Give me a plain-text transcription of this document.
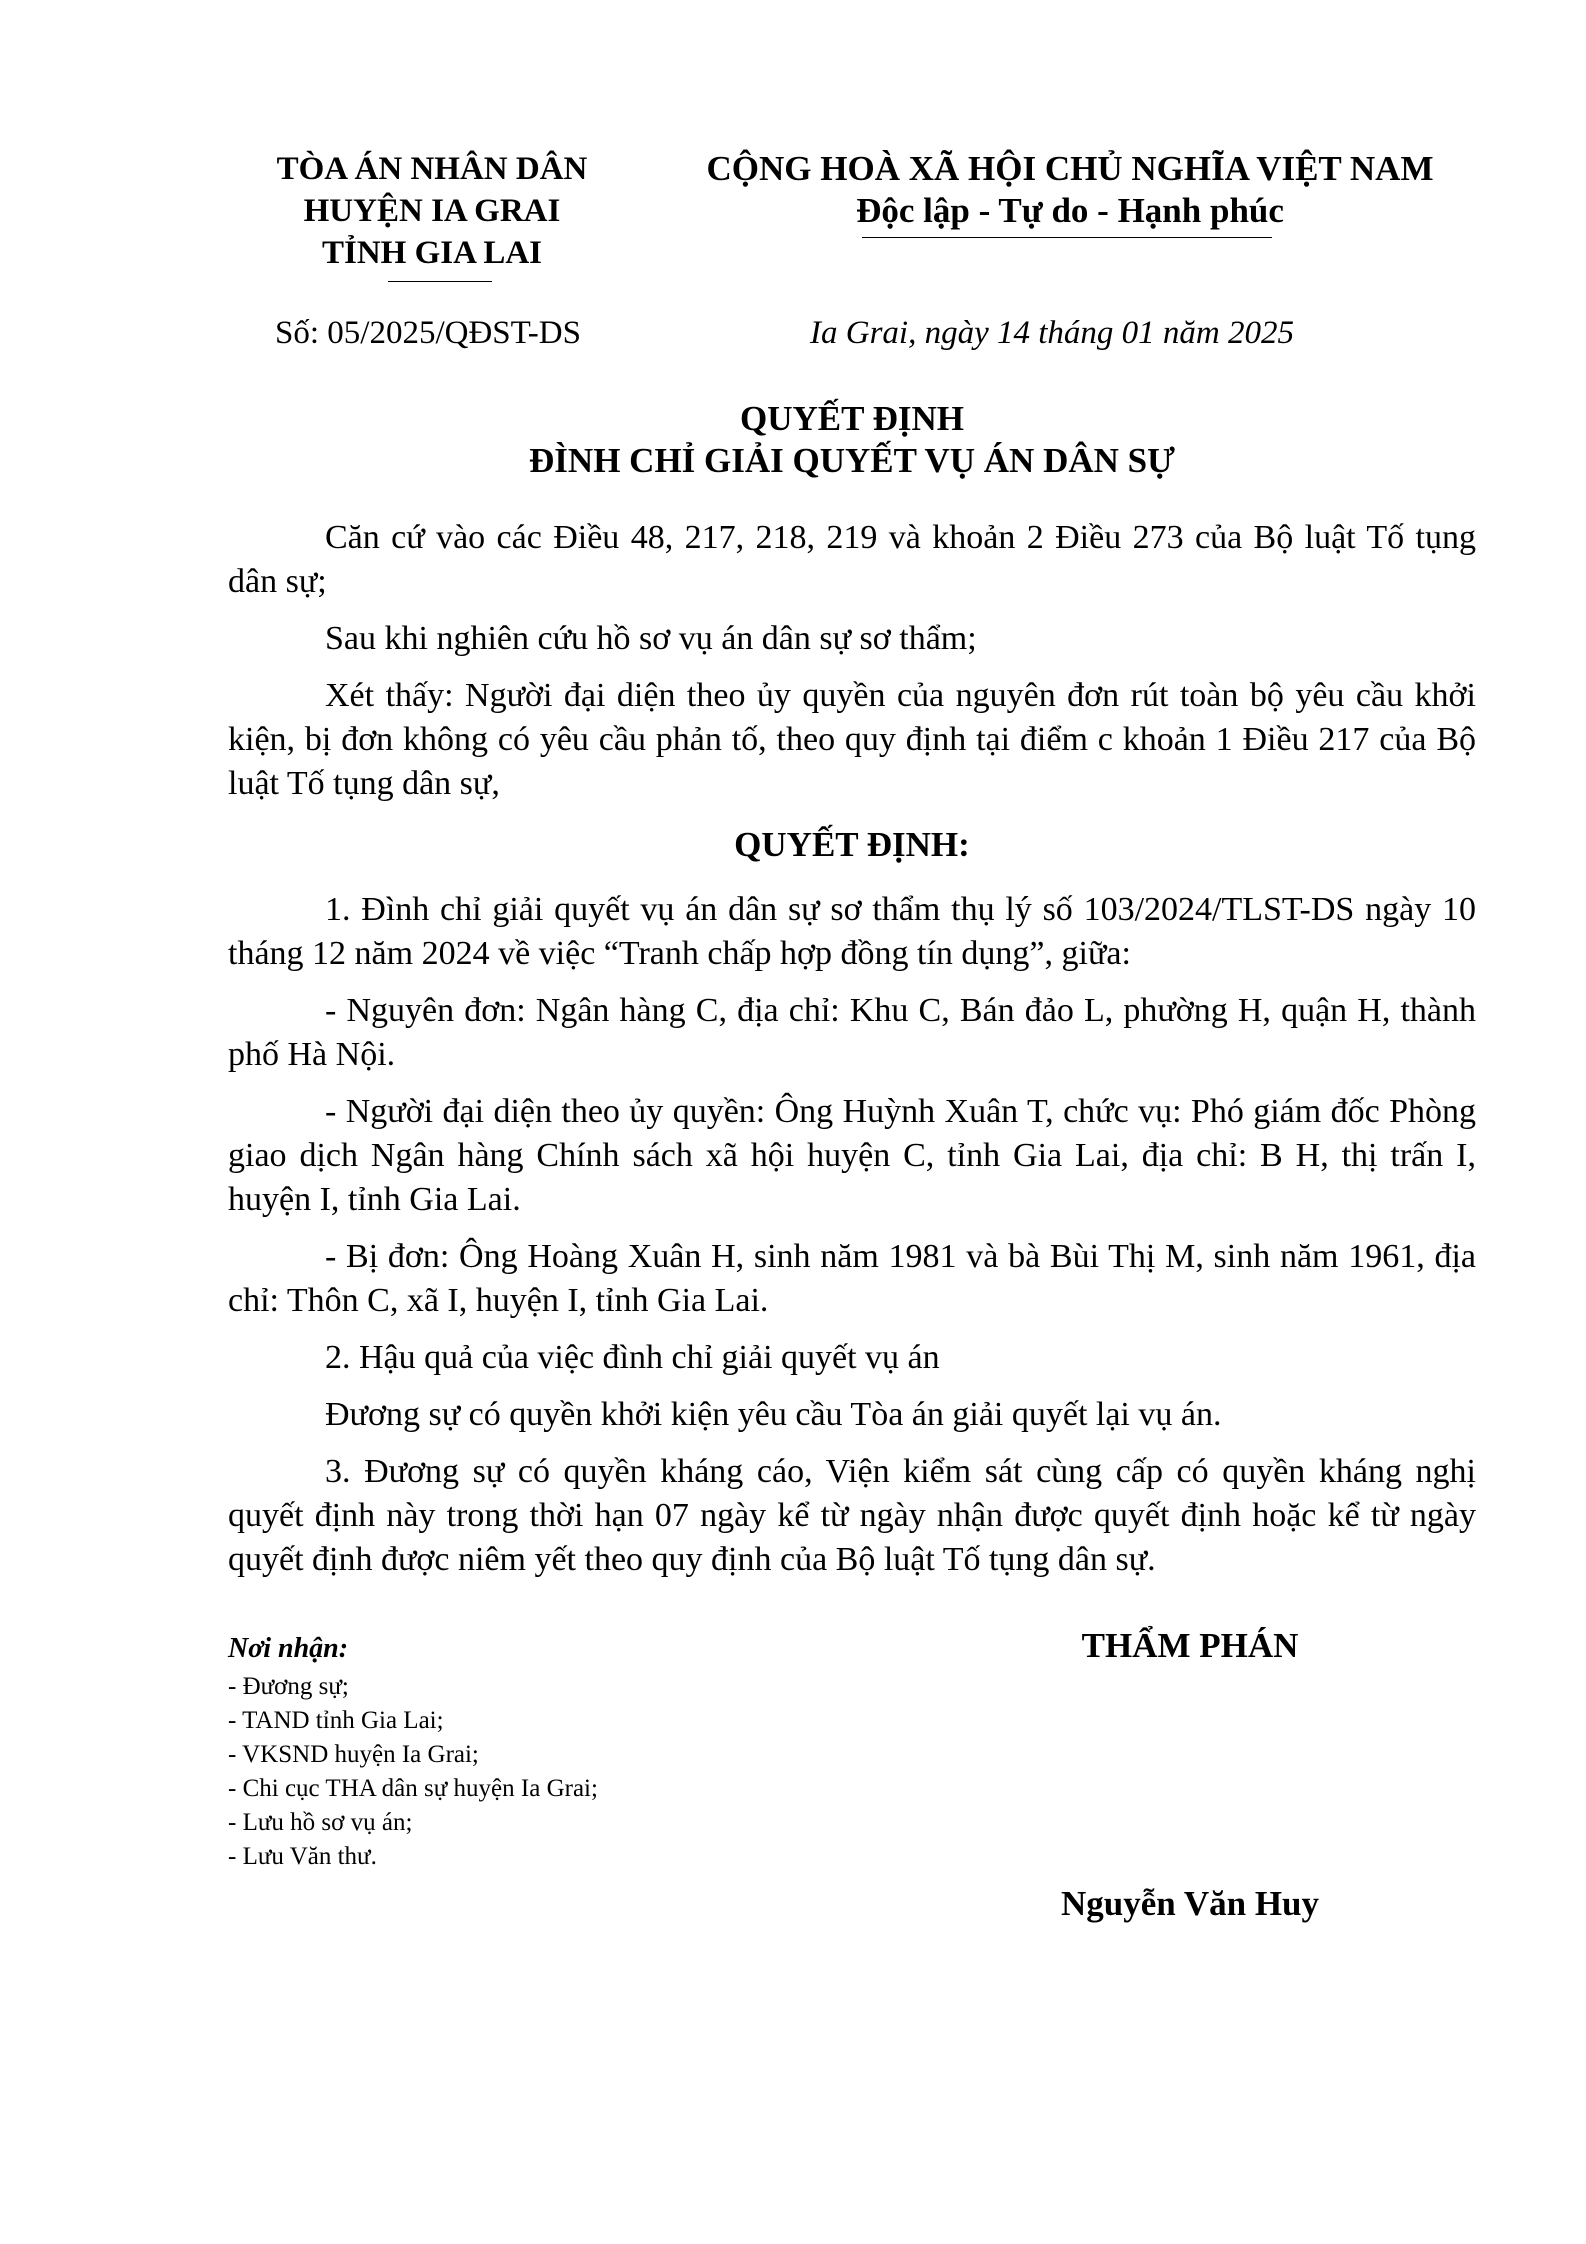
TÒA ÁN NHÂN DÂN
HUYỆN IA GRAI
TỈNH GIA LAI
CỘNG HOÀ XÃ HỘI CHỦ NGHĨA VIỆT NAM
Độc lập - Tự do - Hạnh phúc
Số: 05/2025/QĐST-DS	Ia Grai, ngày 14 tháng 01 năm 2025
QUYẾT ĐỊNH
ĐÌNH CHỈ GIẢI QUYẾT VỤ ÁN DÂN SỰ

Căn cứ vào các Điều 48, 217, 218, 219 và khoản 2 Điều 273 của Bộ luật Tố tụng dân sự;

Sau khi nghiên cứu hồ sơ vụ án dân sự sơ thẩm;

Xét thấy: Người đại diện theo ủy quyền của nguyên đơn rút toàn bộ yêu cầu khởi kiện, bị đơn không có yêu cầu phản tố, theo quy định tại điểm c khoản 1 Điều 217 của Bộ luật Tố tụng dân sự,

QUYẾT ĐỊNH:

1. Đình chỉ giải quyết vụ án dân sự sơ thẩm thụ lý số 103/2024/TLST-DS ngày 10 tháng 12 năm 2024 về việc “Tranh chấp hợp đồng tín dụng”, giữa:

- Nguyên đơn: Ngân hàng C, địa chỉ: Khu C, Bán đảo L, phường H, quận H, thành phố Hà Nội.

- Người đại diện theo ủy quyền: Ông Huỳnh Xuân T, chức vụ: Phó giám đốc Phòng giao dịch Ngân hàng Chính sách xã hội huyện C, tỉnh Gia Lai, địa chỉ: B H, thị trấn I, huyện I, tỉnh Gia Lai.

- Bị đơn: Ông Hoàng Xuân H, sinh năm 1981 và bà Bùi Thị M, sinh năm 1961, địa chỉ: Thôn C, xã I, huyện I, tỉnh Gia Lai.

2. Hậu quả của việc đình chỉ giải quyết vụ án

Đương sự có quyền khởi kiện yêu cầu Tòa án giải quyết lại vụ án.

3. Đương sự có quyền kháng cáo, Viện kiểm sát cùng cấp có quyền kháng nghị quyết định này trong thời hạn 07 ngày kể từ ngày nhận được quyết định hoặc kể từ ngày quyết định được niêm yết theo quy định của Bộ luật Tố tụng dân sự.

Nơi nhận:
- Đương sự;
- TAND tỉnh Gia Lai;
- VKSND huyện Ia Grai;
- Chi cục THA dân sự huyện Ia Grai;
- Lưu hồ sơ vụ án;
- Lưu Văn thư.
THẨM PHÁN
Nguyễn Văn Huy
